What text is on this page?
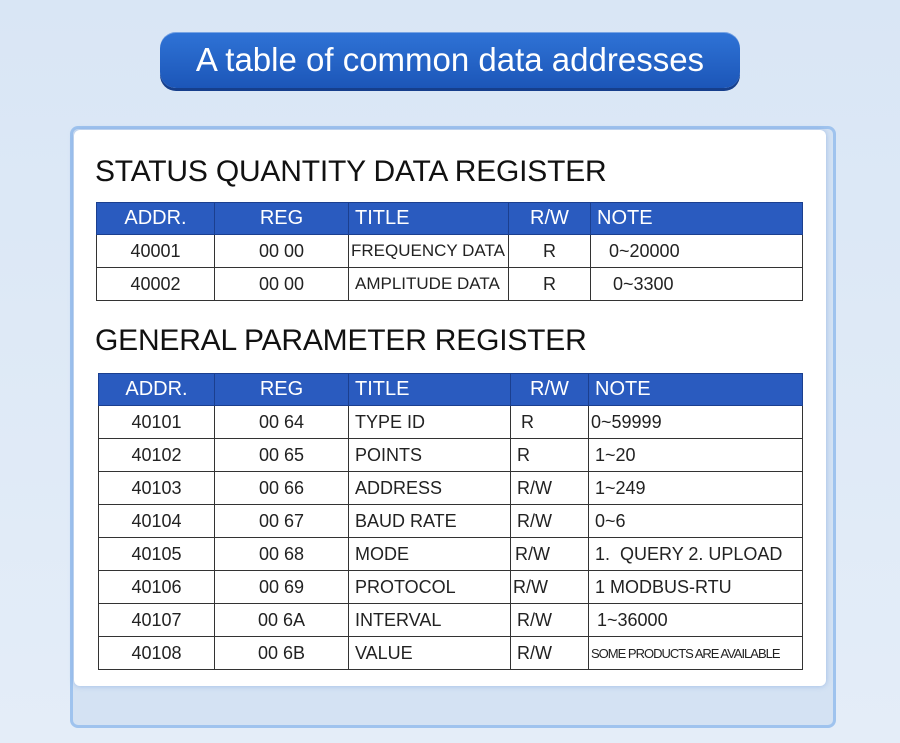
A table of common data addresses
STATUS QUANTITY DATA REGISTER
ADDR.	REG	TITLE	R/W	NOTE
40001	00 00	FREQUENCY DATA	R	0~20000
40002	00 00	AMPLITUDE DATA	R	0~3300
GENERAL PARAMETER REGISTER
ADDR.	REG	TITLE	R/W	NOTE
40101	00 64	TYPE ID	R	0~59999
40102	00 65	POINTS	R	1~20
40103	00 66	ADDRESS	R/W	1~249
40104	00 67	BAUD RATE	R/W	0~6
40105	00 68	MODE	R/W	1.  QUERY 2. UPLOAD
40106	00 69	PROTOCOL	R/W	1 MODBUS-RTU
40107	00 6A	INTERVAL	R/W	1~36000
40108	00 6B	VALUE	R/W	SOME PRODUCTS ARE AVAILABLE
